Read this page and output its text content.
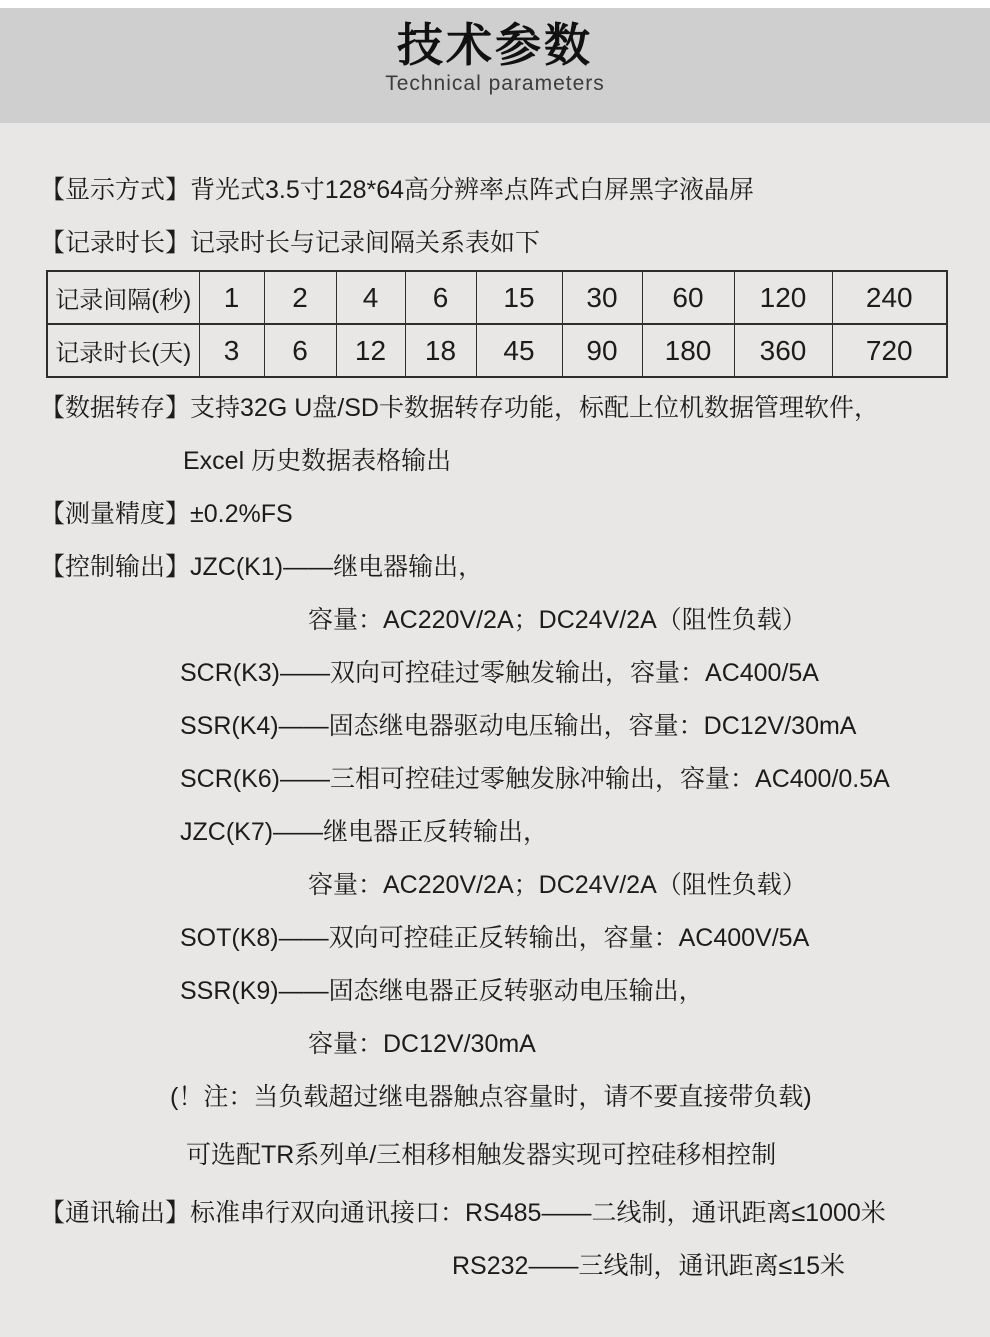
技术参数
Technical parameters

【显示方式】背光式3.5寸128*64高分辨率点阵式白屏黑字液晶屏

【记录时长】记录时长与记录间隔关系表如下

记录间隔(秒)	1	2	4	6	15	30	60	120	240
记录时长(天)	3	6	12	18	45	90	180	360	720

【数据转存】支持32G U盘/SD卡数据转存功能，标配上位机数据管理软件，

Excel 历史数据表格输出

【测量精度】±0.2%FS

【控制输出】JZC(K1)——继电器输出，

容量：AC220V/2A；DC24V/2A（阻性负载）

SCR(K3)——双向可控硅过零触发输出，容量：AC400/5A

SSR(K4)——固态继电器驱动电压输出，容量：DC12V/30mA

SCR(K6)——三相可控硅过零触发脉冲输出，容量：AC400/0.5A

JZC(K7)——继电器正反转输出，

容量：AC220V/2A；DC24V/2A（阻性负载）

SOT(K8)——双向可控硅正反转输出，容量：AC400V/5A

SSR(K9)——固态继电器正反转驱动电压输出，

容量：DC12V/30mA

(！注：当负载超过继电器触点容量时，请不要直接带负载)

可选配TR系列单/三相移相触发器实现可控硅移相控制

【通讯输出】标准串行双向通讯接口：RS485——二线制，通讯距离≤1000米

RS232——三线制，通讯距离≤15米
